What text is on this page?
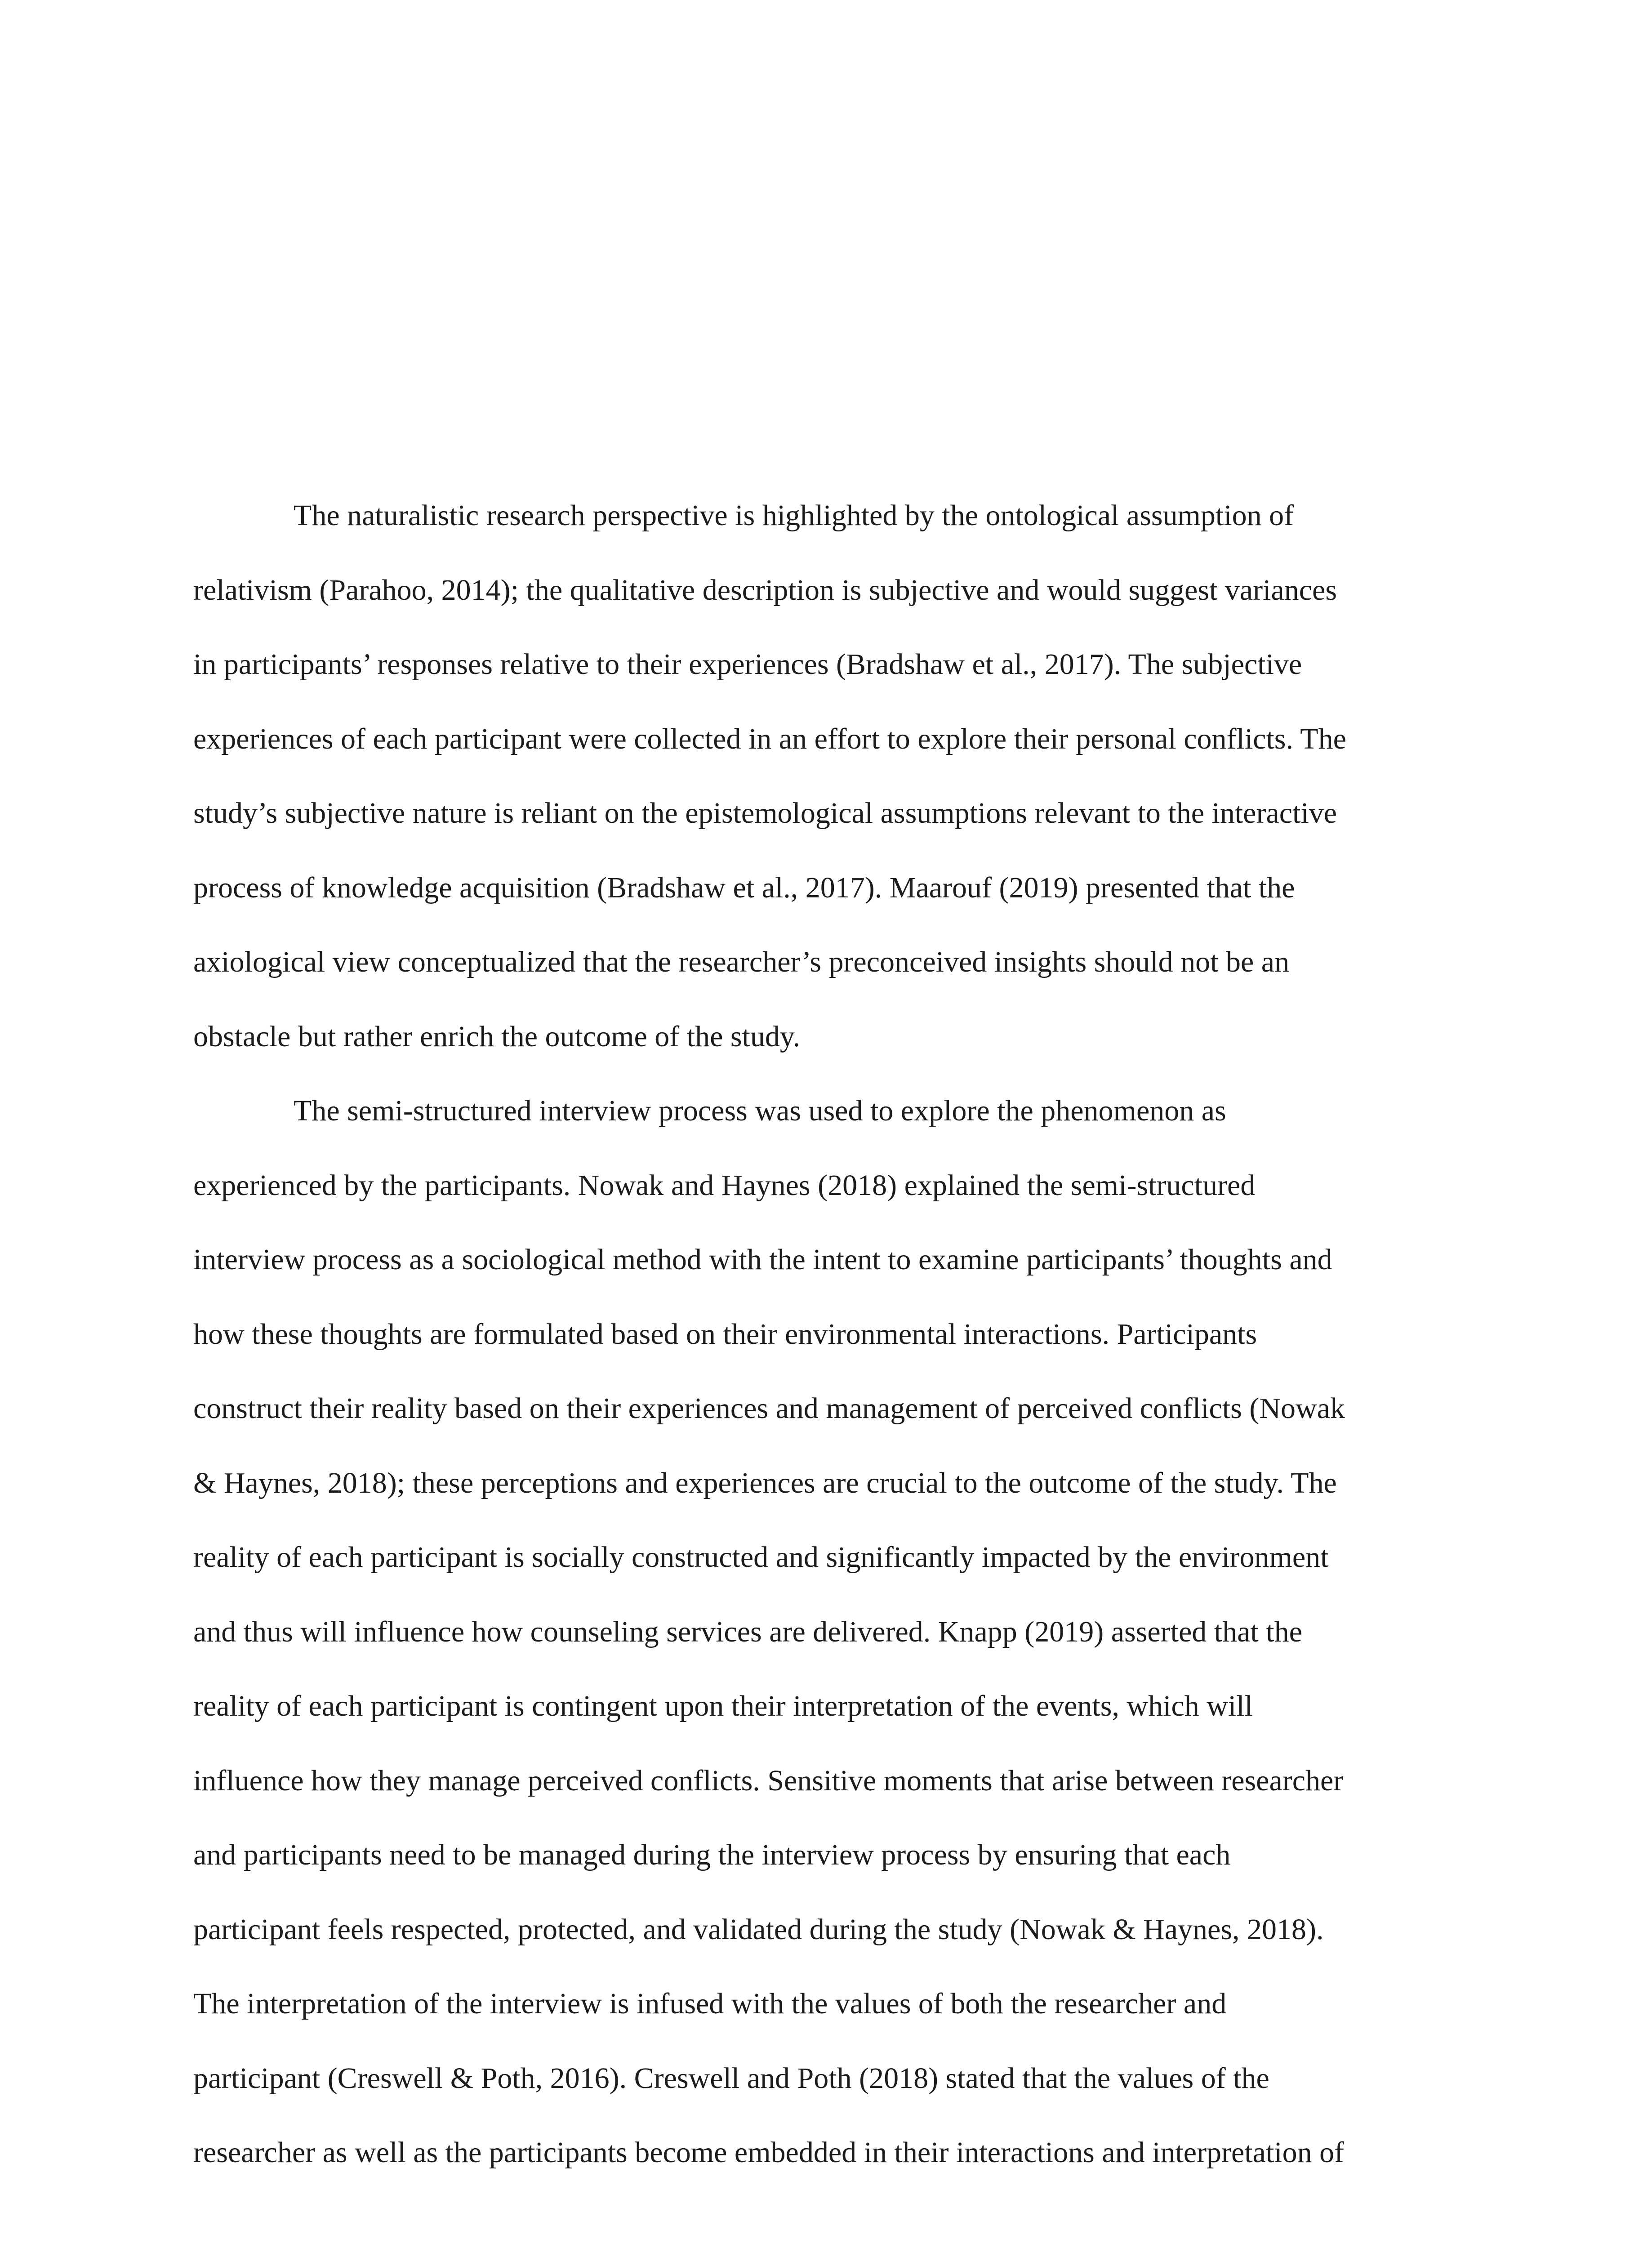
The naturalistic research perspective is highlighted by the ontological assumption of
relativism (Parahoo, 2014); the qualitative description is subjective and would suggest variances
in participants’ responses relative to their experiences (Bradshaw et al., 2017). The subjective
experiences of each participant were collected in an effort to explore their personal conflicts. The
study’s subjective nature is reliant on the epistemological assumptions relevant to the interactive
process of knowledge acquisition (Bradshaw et al., 2017). Maarouf (2019) presented that the
axiological view conceptualized that the researcher’s preconceived insights should not be an
obstacle but rather enrich the outcome of the study.

The semi-structured interview process was used to explore the phenomenon as
experienced by the participants. Nowak and Haynes (2018) explained the semi-structured
interview process as a sociological method with the intent to examine participants’ thoughts and
how these thoughts are formulated based on their environmental interactions. Participants
construct their reality based on their experiences and management of perceived conflicts (Nowak
& Haynes, 2018); these perceptions and experiences are crucial to the outcome of the study. The
reality of each participant is socially constructed and significantly impacted by the environment
and thus will influence how counseling services are delivered. Knapp (2019) asserted that the
reality of each participant is contingent upon their interpretation of the events, which will
influence how they manage perceived conflicts. Sensitive moments that arise between researcher
and participants need to be managed during the interview process by ensuring that each
participant feels respected, protected, and validated during the study (Nowak & Haynes, 2018).
The interpretation of the interview is infused with the values of both the researcher and
participant (Creswell & Poth, 2016). Creswell and Poth (2018) stated that the values of the
researcher as well as the participants become embedded in their interactions and interpretation of
